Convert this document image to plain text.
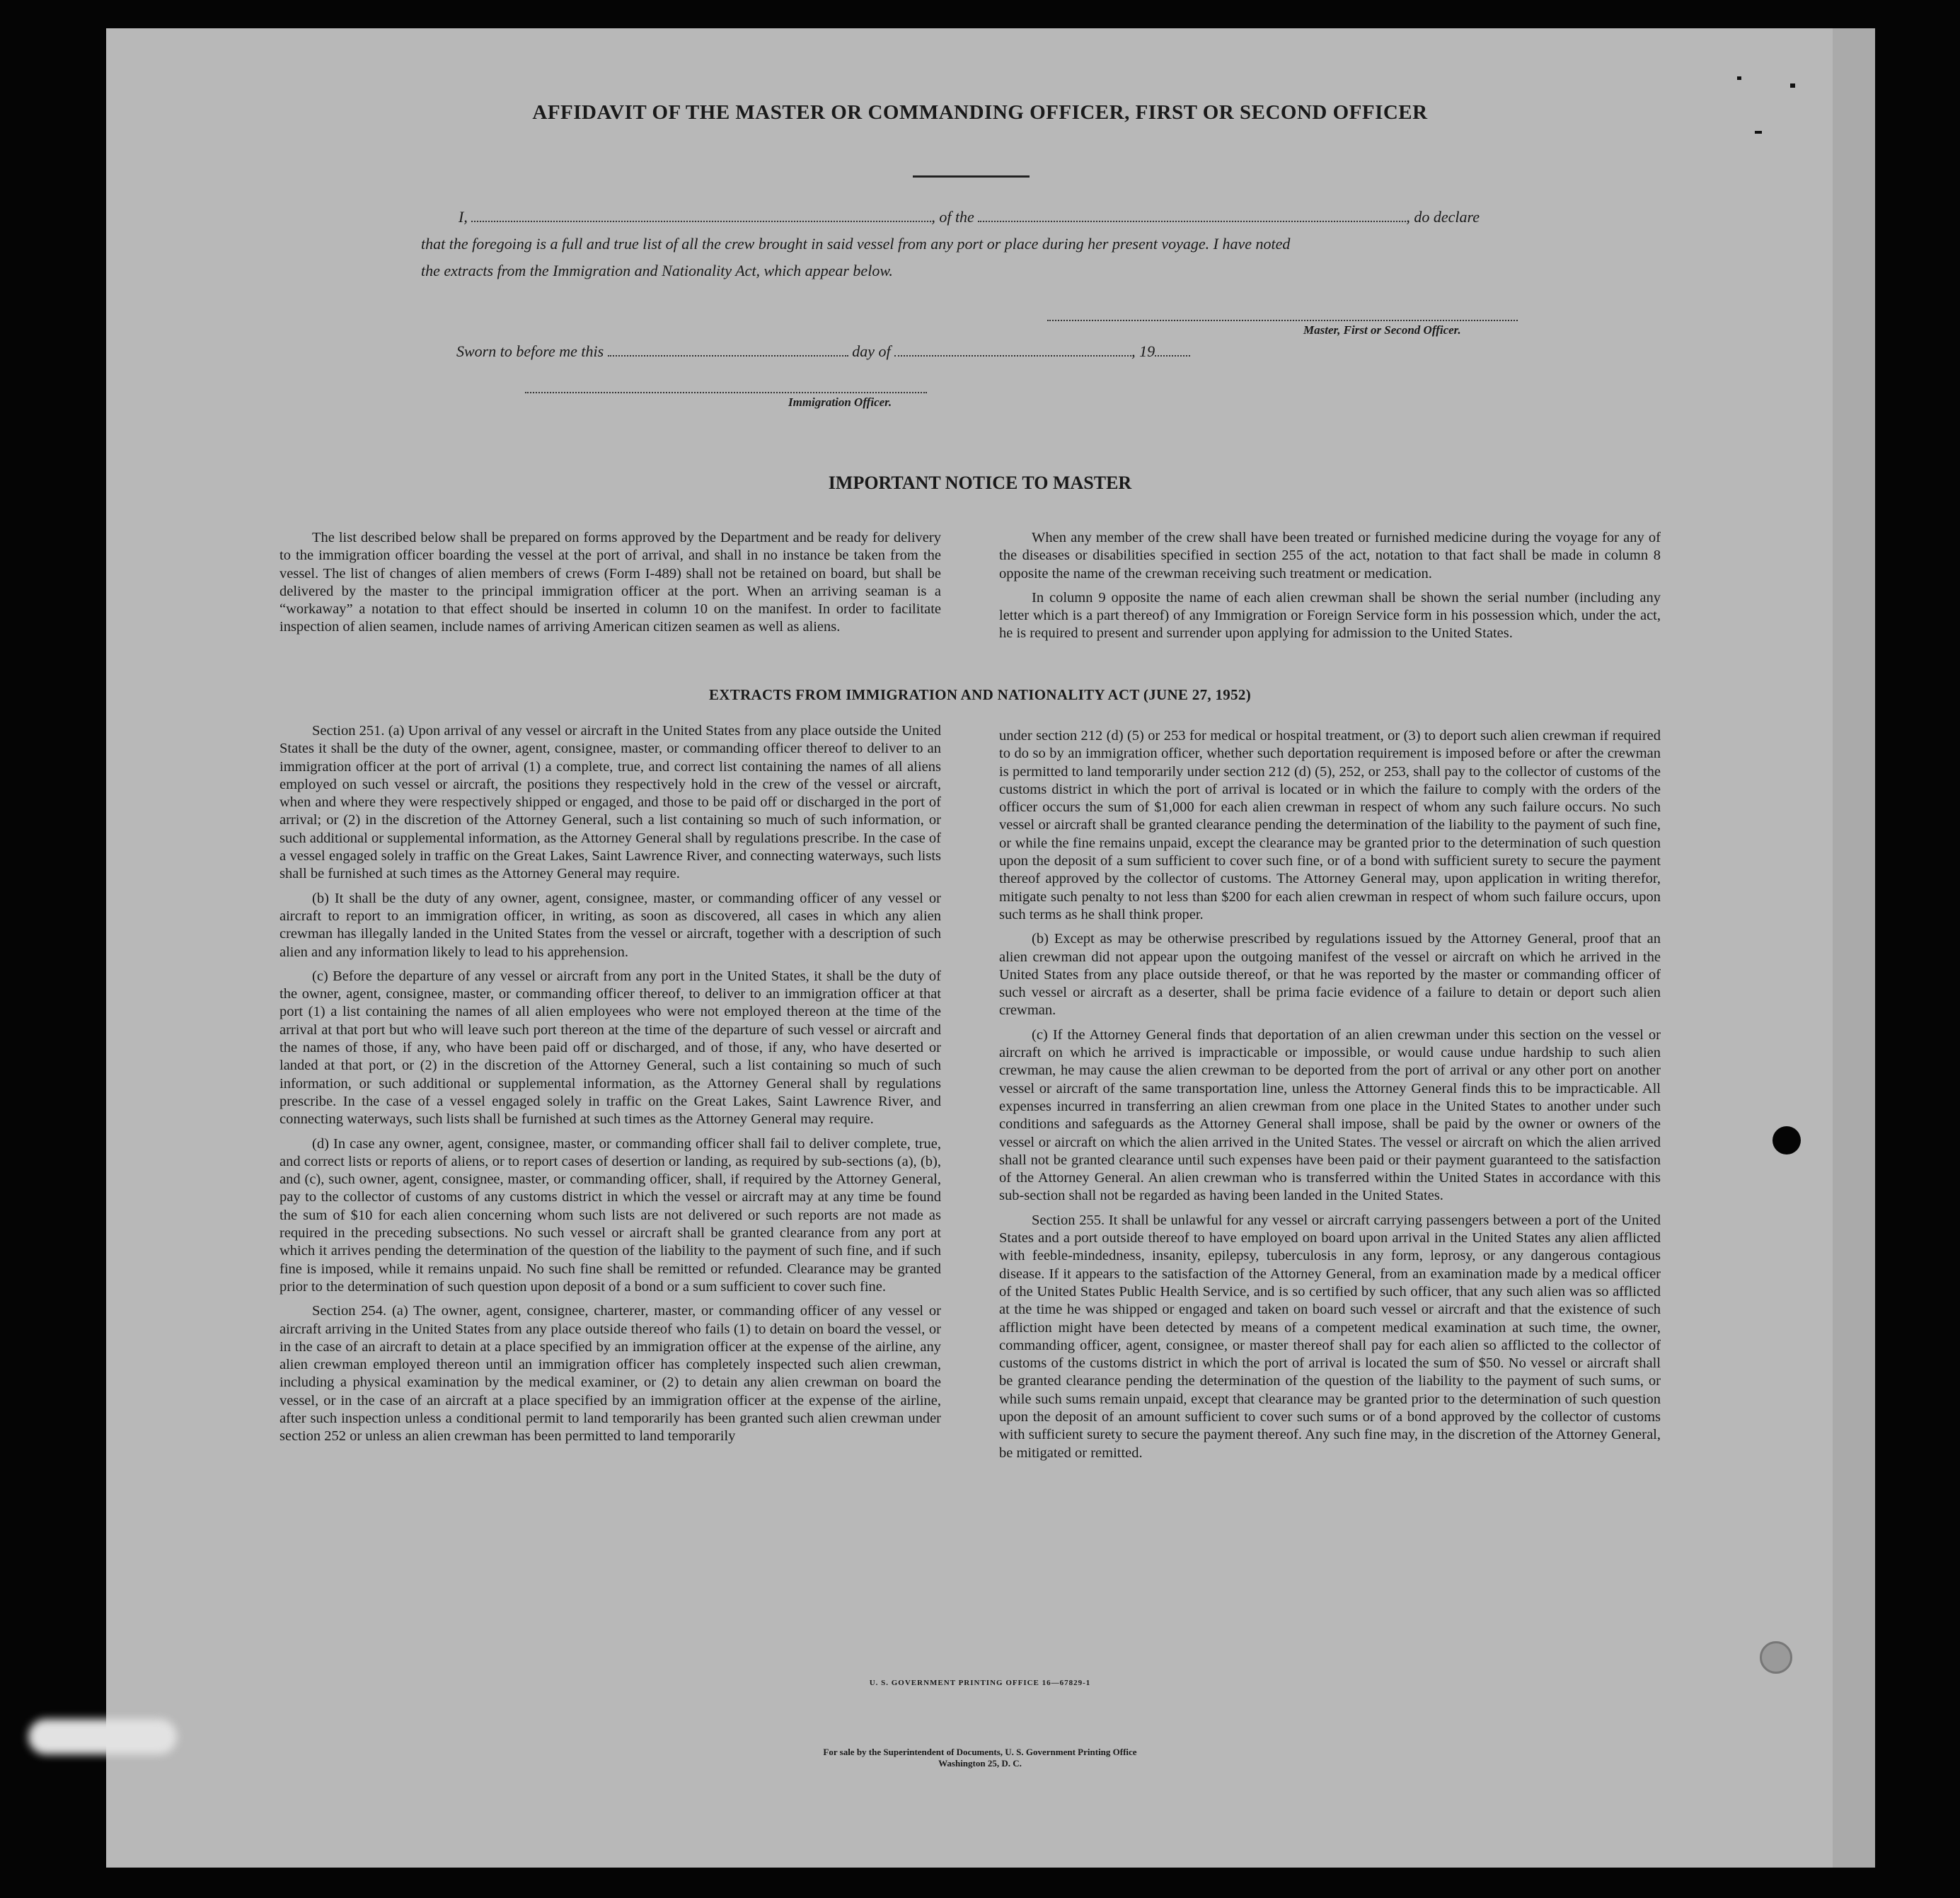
AFFIDAVIT OF THE MASTER OR COMMANDING OFFICER, FIRST OR SECOND OFFICER
I,	, of the	, do declare
that the foregoing is a full and true list of all the crew brought in said vessel from any port or place during her present voyage. I have noted
the extracts from the Immigration and Nationality Act, which appear below.
Master, First or Second Officer.
Sworn to before me this	day of	, 19
Immigration Officer.
IMPORTANT NOTICE TO MASTER

The list described below shall be prepared on forms approved by the Department and be ready for delivery to the immigration officer boarding the vessel at the port of arrival, and shall in no instance be taken from the vessel. The list of changes of alien members of crews (Form I-489) shall not be retained on board, but shall be delivered by the master to the principal immigration officer at the port. When an arriving seaman is a “workaway” a notation to that effect should be inserted in column 10 on the manifest. In order to facilitate inspection of alien seamen, include names of arriving American citizen seamen as well as aliens.

When any member of the crew shall have been treated or furnished medicine during the voyage for any of the diseases or disabilities specified in section 255 of the act, notation to that fact shall be made in column 8 opposite the name of the crewman receiving such treatment or medication.

In column 9 opposite the name of each alien crewman shall be shown the serial number (including any letter which is a part thereof) of any Immigration or Foreign Service form in his possession which, under the act, he is required to present and surrender upon applying for admission to the United States.

EXTRACTS FROM IMMIGRATION AND NATIONALITY ACT (JUNE 27, 1952)

Section 251. (a) Upon arrival of any vessel or aircraft in the United States from any place outside the United States it shall be the duty of the owner, agent, consignee, master, or commanding officer thereof to deliver to an immigration officer at the port of arrival (1) a complete, true, and correct list containing the names of all aliens employed on such vessel or aircraft, the positions they respectively hold in the crew of the vessel or aircraft, when and where they were respectively shipped or engaged, and those to be paid off or discharged in the port of arrival; or (2) in the discretion of the Attorney General, such a list containing so much of such information, or such additional or supplemental information, as the Attorney General shall by regulations prescribe. In the case of a vessel engaged solely in traffic on the Great Lakes, Saint Lawrence River, and connecting waterways, such lists shall be furnished at such times as the Attorney General may require.

(b) It shall be the duty of any owner, agent, consignee, master, or commanding officer of any vessel or aircraft to report to an immigration officer, in writing, as soon as discovered, all cases in which any alien crewman has illegally landed in the United States from the vessel or aircraft, together with a description of such alien and any information likely to lead to his apprehension.

(c) Before the departure of any vessel or aircraft from any port in the United States, it shall be the duty of the owner, agent, consignee, master, or commanding officer thereof, to deliver to an immigration officer at that port (1) a list containing the names of all alien employees who were not employed thereon at the time of the arrival at that port but who will leave such port thereon at the time of the departure of such vessel or aircraft and the names of those, if any, who have been paid off or discharged, and of those, if any, who have deserted or landed at that port, or (2) in the discretion of the Attorney General, such a list containing so much of such information, or such additional or supplemental information, as the Attorney General shall by regulations prescribe. In the case of a vessel engaged solely in traffic on the Great Lakes, Saint Lawrence River, and connecting waterways, such lists shall be furnished at such times as the Attorney General may require.

(d) In case any owner, agent, consignee, master, or commanding officer shall fail to deliver complete, true, and correct lists or reports of aliens, or to report cases of desertion or landing, as required by sub-sections (a), (b), and (c), such owner, agent, consignee, master, or commanding officer, shall, if required by the Attorney General, pay to the collector of customs of any customs district in which the vessel or aircraft may at any time be found the sum of $10 for each alien concerning whom such lists are not delivered or such reports are not made as required in the preceding subsections. No such vessel or aircraft shall be granted clearance from any port at which it arrives pending the determination of the question of the liability to the payment of such fine, and if such fine is imposed, while it remains unpaid. No such fine shall be remitted or refunded. Clearance may be granted prior to the determination of such question upon deposit of a bond or a sum sufficient to cover such fine.

Section 254. (a) The owner, agent, consignee, charterer, master, or commanding officer of any vessel or aircraft arriving in the United States from any place outside thereof who fails (1) to detain on board the vessel, or in the case of an aircraft to detain at a place specified by an immigration officer at the expense of the airline, any alien crewman employed thereon until an immigration officer has completely inspected such alien crewman, including a physical examination by the medical examiner, or (2) to detain any alien crewman on board the vessel, or in the case of an aircraft at a place specified by an immigration officer at the expense of the airline, after such inspection unless a conditional permit to land temporarily has been granted such alien crewman under section 252 or unless an alien crewman has been permitted to land temporarily

under section 212 (d) (5) or 253 for medical or hospital treatment, or (3) to deport such alien crewman if required to do so by an immigration officer, whether such deportation requirement is imposed before or after the crewman is permitted to land temporarily under section 212 (d) (5), 252, or 253, shall pay to the collector of customs of the customs district in which the port of arrival is located or in which the failure to comply with the orders of the officer occurs the sum of $1,000 for each alien crewman in respect of whom any such failure occurs. No such vessel or aircraft shall be granted clearance pending the determination of the liability to the payment of such fine, or while the fine remains unpaid, except the clearance may be granted prior to the determination of such question upon the deposit of a sum sufficient to cover such fine, or of a bond with sufficient surety to secure the payment thereof approved by the collector of customs. The Attorney General may, upon application in writing therefor, mitigate such penalty to not less than $200 for each alien crewman in respect of whom such failure occurs, upon such terms as he shall think proper.

(b) Except as may be otherwise prescribed by regulations issued by the Attorney General, proof that an alien crewman did not appear upon the outgoing manifest of the vessel or aircraft on which he arrived in the United States from any place outside thereof, or that he was reported by the master or commanding officer of such vessel or aircraft as a deserter, shall be prima facie evidence of a failure to detain or deport such alien crewman.

(c) If the Attorney General finds that deportation of an alien crewman under this section on the vessel or aircraft on which he arrived is impracticable or impossible, or would cause undue hardship to such alien crewman, he may cause the alien crewman to be deported from the port of arrival or any other port on another vessel or aircraft of the same transportation line, unless the Attorney General finds this to be impracticable. All expenses incurred in transferring an alien crewman from one place in the United States to another under such conditions and safeguards as the Attorney General shall impose, shall be paid by the owner or owners of the vessel or aircraft on which the alien arrived in the United States. The vessel or aircraft on which the alien arrived shall not be granted clearance until such expenses have been paid or their payment guaranteed to the satisfaction of the Attorney General. An alien crewman who is transferred within the United States in accordance with this sub-section shall not be regarded as having been landed in the United States.

Section 255. It shall be unlawful for any vessel or aircraft carrying passengers between a port of the United States and a port outside thereof to have employed on board upon arrival in the United States any alien afflicted with feeble-mindedness, insanity, epilepsy, tuberculosis in any form, leprosy, or any dangerous contagious disease. If it appears to the satisfaction of the Attorney General, from an examination made by a medical officer of the United States Public Health Service, and is so certified by such officer, that any such alien was so afflicted at the time he was shipped or engaged and taken on board such vessel or aircraft and that the existence of such affliction might have been detected by means of a competent medical examination at such time, the owner, commanding officer, agent, consignee, or master thereof shall pay for each alien so afflicted to the collector of customs of the customs district in which the port of arrival is located the sum of $50. No vessel or aircraft shall be granted clearance pending the determination of the question of the liability to the payment of such sums, or while such sums remain unpaid, except that clearance may be granted prior to the determination of such question upon the deposit of an amount sufficient to cover such sums or of a bond approved by the collector of customs with sufficient surety to secure the payment thereof. Any such fine may, in the discretion of the Attorney General, be mitigated or remitted.

U. S. GOVERNMENT PRINTING OFFICE 16—67829-1
For sale by the Superintendent of Documents, U. S. Government Printing Office
Washington 25, D. C.
